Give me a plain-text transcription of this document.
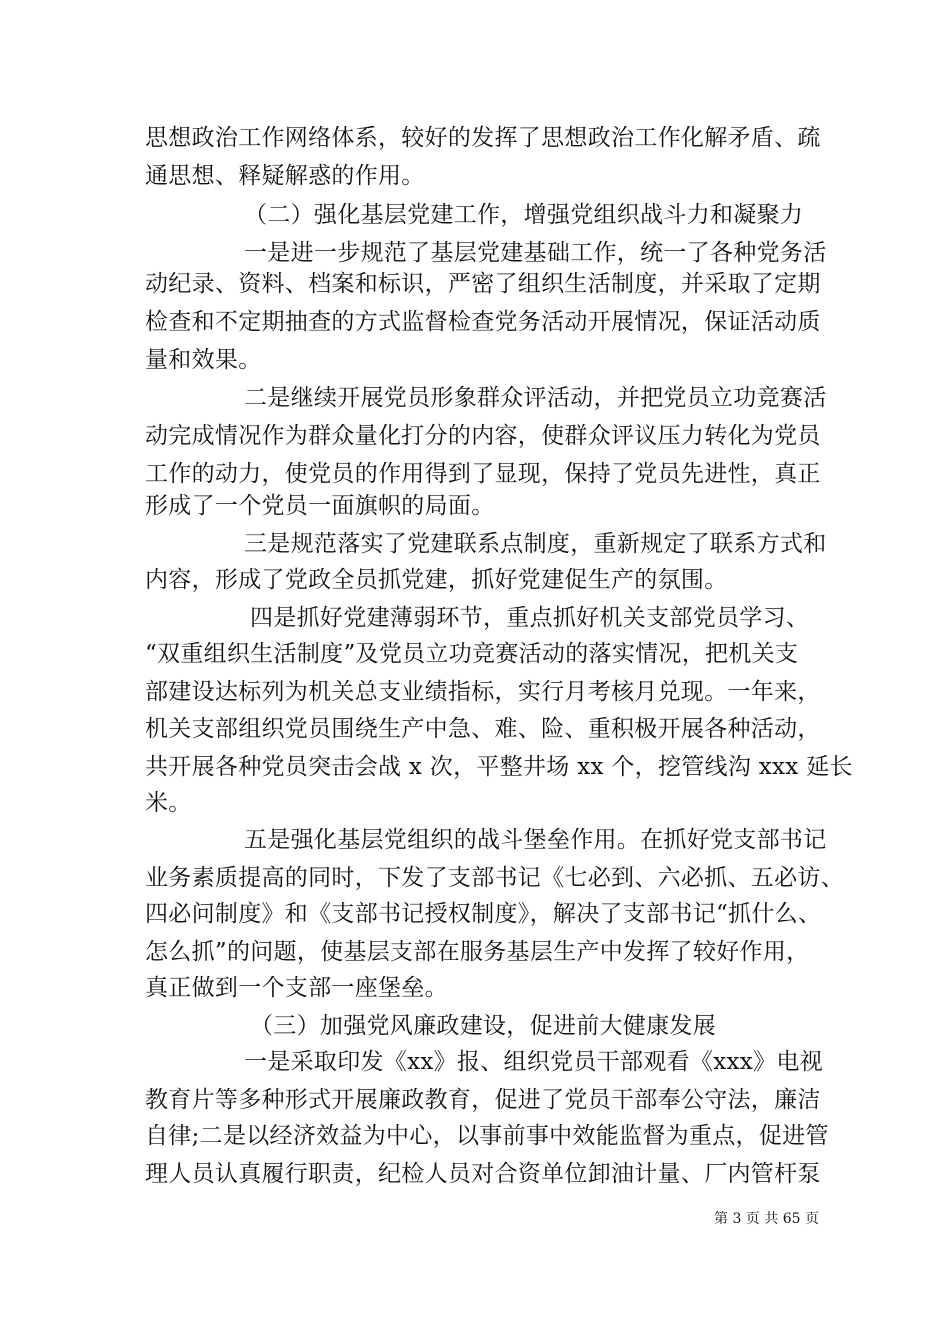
思想政治工作网络体系，较好的发挥了思想政治工作化解矛盾、疏
通思想、释疑解惑的作用。
（二）强化基层党建工作，增强党组织战斗力和凝聚力
一是进一步规范了基层党建基础工作，统一了各种党务活
动纪录、资料、档案和标识，严密了组织生活制度，并采取了定期
检查和不定期抽查的方式监督检查党务活动开展情况，保证活动质
量和效果。
二是继续开展党员形象群众评活动，并把党员立功竞赛活
动完成情况作为群众量化打分的内容，使群众评议压力转化为党员
工作的动力，使党员的作用得到了显现，保持了党员先进性，真正
形成了一个党员一面旗帜的局面。
三是规范落实了党建联系点制度，重新规定了联系方式和
内容，形成了党政全员抓党建，抓好党建促生产的氛围。
四是抓好党建薄弱环节，重点抓好机关支部党员学习、
“双重组织生活制度”及党员立功竞赛活动的落实情况，把机关支
部建设达标列为机关总支业绩指标，实行月考核月兑现。一年来，
机关支部组织党员围绕生产中急、难、险、重积极开展各种活动，
共开展各种党员突击会战 x 次，平整井场 xx 个，挖管线沟 xxx 延长
米。
五是强化基层党组织的战斗堡垒作用。在抓好党支部书记
业务素质提高的同时，下发了支部书记《七必到、六必抓、五必访、
四必问制度》和《支部书记授权制度》，解决了支部书记“抓什么、
怎么抓”的问题，使基层支部在服务基层生产中发挥了较好作用，
真正做到一个支部一座堡垒。
（三）加强党风廉政建设，促进前大健康发展
一是采取印发《xx》报、组织党员干部观看《xxx》电视
教育片等多种形式开展廉政教育，促进了党员干部奉公守法，廉洁
自律;二是以经济效益为中心，以事前事中效能监督为重点，促进管
理人员认真履行职责，纪检人员对合资单位卸油计量、厂内管杆泵
第 3 页 共 65 页
